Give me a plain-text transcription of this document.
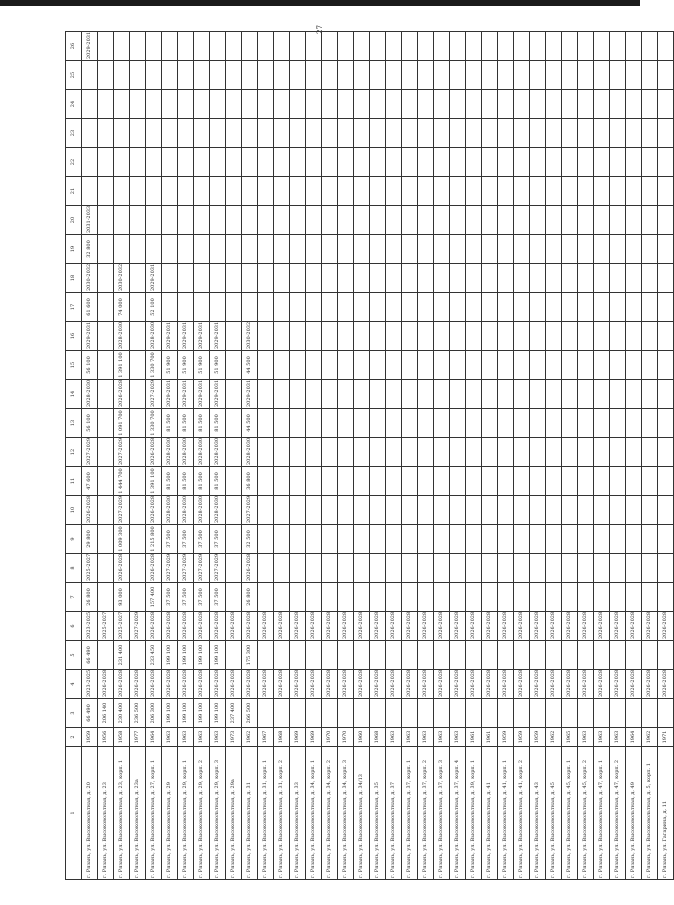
27
1	2	3	4	5	6	7	8	9	10	11	12	13	14	15	16	17	18	19	20	21	22	23	24	25	26
г. Рязань, ул. Высоковольтная, д. 20	1959	66 490	2023-2025	66 490	2023-2025	26 800	2025-2027	29 800	2026-2028	47 600	2027-2029	56 100	2028-2030	56 100	2029-2031	61 600	2030-2032	32 800	2031-2033						2029-2031
г. Рязань, ул. Высоковольтная, д. 23	1956	206 140	2026-2028		2025-2027																				
г. Рязань, ул. Высоковольтная, д. 23, корп. 1	1958	230 400	2026-2028	231 400	2025-2027	93 000	2026-2028	1 009 300	2027-2029	1 444 700	2027-2029	1 091 700	2026-2028	1 391 100	2028-2030	74 000	2030-2032								
г. Рязань, ул. Высоковольтная, д. 23а	1977	236 500	2026-2028		2027-2029																				
г. Рязань, ул. Высоковольтная, д. 27, корп. 1	1964	206 300	2026-2028	233 450	2026-2028	157 400	2026-2028	1 215 800	2026-2028	1 391 100	2026-2028	1 330 700	2027-2029	1 330 700	2028-2030	52 100	2029-2031								
г. Рязань, ул. Высоковольтная, д. 29	1963	199 100	2026-2028	199 100	2026-2028	37 500	2027-2029	37 500	2028-2030	81 500	2028-2030	81 500	2029-2031	51 900	2029-2031										
г. Рязань, ул. Высоковольтная, д. 29, корп. 1	1963	199 100	2026-2028	199 100	2026-2028	37 500	2027-2029	37 500	2028-2030	81 500	2028-2030	81 500	2029-2031	51 900	2029-2031										
г. Рязань, ул. Высоковольтная, д. 29, корп. 2	1963	199 100	2026-2028	199 100	2026-2028	37 500	2027-2029	37 500	2028-2030	81 500	2028-2030	81 500	2029-2031	51 900	2029-2031										
г. Рязань, ул. Высоковольтная, д. 29, корп. 3	1963	199 100	2026-2028	199 100	2026-2028	37 500	2027-2029	37 500	2028-2030	81 500	2028-2030	81 500	2029-2031	51 900	2029-2031										
г. Рязань, ул. Высоковольтная, д. 29а	1973	237 400	2026-2028		2026-2028																				
г. Рязань, ул. Высоковольтная, д. 31	1962	266 500	2026-2028	175 300	2026-2028	26 800	2026-2028	32 500	2027-2029	36 800	2028-2030	44 500	2029-2031	44 500	2030-2032										
г. Рязань, ул. Высоковольтная, д. 31, корп. 1	1967		2026-2028		2026-2028																				
г. Рязань, ул. Высоковольтная, д. 31, корп. 2	1968		2026-2028		2026-2028																				
г. Рязань, ул. Высоковольтная, д. 33	1969		2026-2028		2026-2028																				
г. Рязань, ул. Высоковольтная, д. 34, корп. 1	1969		2026-2028		2026-2028																				
г. Рязань, ул. Высоковольтная, д. 34, корп. 2	1970		2026-2028		2026-2028																				
г. Рязань, ул. Высоковольтная, д. 34, корп. 3	1970		2026-2028		2026-2028																				
г. Рязань, ул. Высоковольтная, д. 34/13	1960		2026-2028		2026-2028																				
г. Рязань, ул. Высоковольтная, д. 35	1968		2026-2028		2026-2028																				
г. Рязань, ул. Высоковольтная, д. 37	1963		2026-2028		2026-2028																				
г. Рязань, ул. Высоковольтная, д. 37, корп. 1	1963		2026-2028		2026-2028																				
г. Рязань, ул. Высоковольтная, д. 37, корп. 2	1963		2026-2028		2026-2028																				
г. Рязань, ул. Высоковольтная, д. 37, корп. 3	1963		2026-2028		2026-2028																				
г. Рязань, ул. Высоковольтная, д. 37, корп. 4	1963		2026-2028		2026-2028																				
г. Рязань, ул. Высоковольтная, д. 39, корп. 1	1961		2026-2028		2026-2028																				
г. Рязань, ул. Высоковольтная, д. 41	1961		2026-2028		2026-2028																				
г. Рязань, ул. Высоковольтная, д. 41, корп. 1	1959		2026-2028		2026-2028																				
г. Рязань, ул. Высоковольтная, д. 41, корп. 2	1959		2026-2028		2026-2028																				
г. Рязань, ул. Высоковольтная, д. 43	1959		2026-2028		2026-2028																				
г. Рязань, ул. Высоковольтная, д. 45	1962		2026-2028		2026-2028																				
г. Рязань, ул. Высоковольтная, д. 45, корп. 1	1965		2026-2028		2026-2028																				
г. Рязань, ул. Высоковольтная, д. 45, корп. 2	1963		2026-2028		2026-2028																				
г. Рязань, ул. Высоковольтная, д. 47, корп. 1	1963		2026-2028		2026-2028																				
г. Рязань, ул. Высоковольтная, д. 47, корп. 2	1963		2026-2028		2026-2028																				
г. Рязань, ул. Высоковольтная, д. 49	1964		2026-2028		2026-2028																				
г. Рязань, ул. Высоковольтная, д. 5, корп. 1	1962		2026-2028		2026-2028																				
г. Рязань, ул. Гагарина, д. 11	1971		2026-2028		2026-2028																				
